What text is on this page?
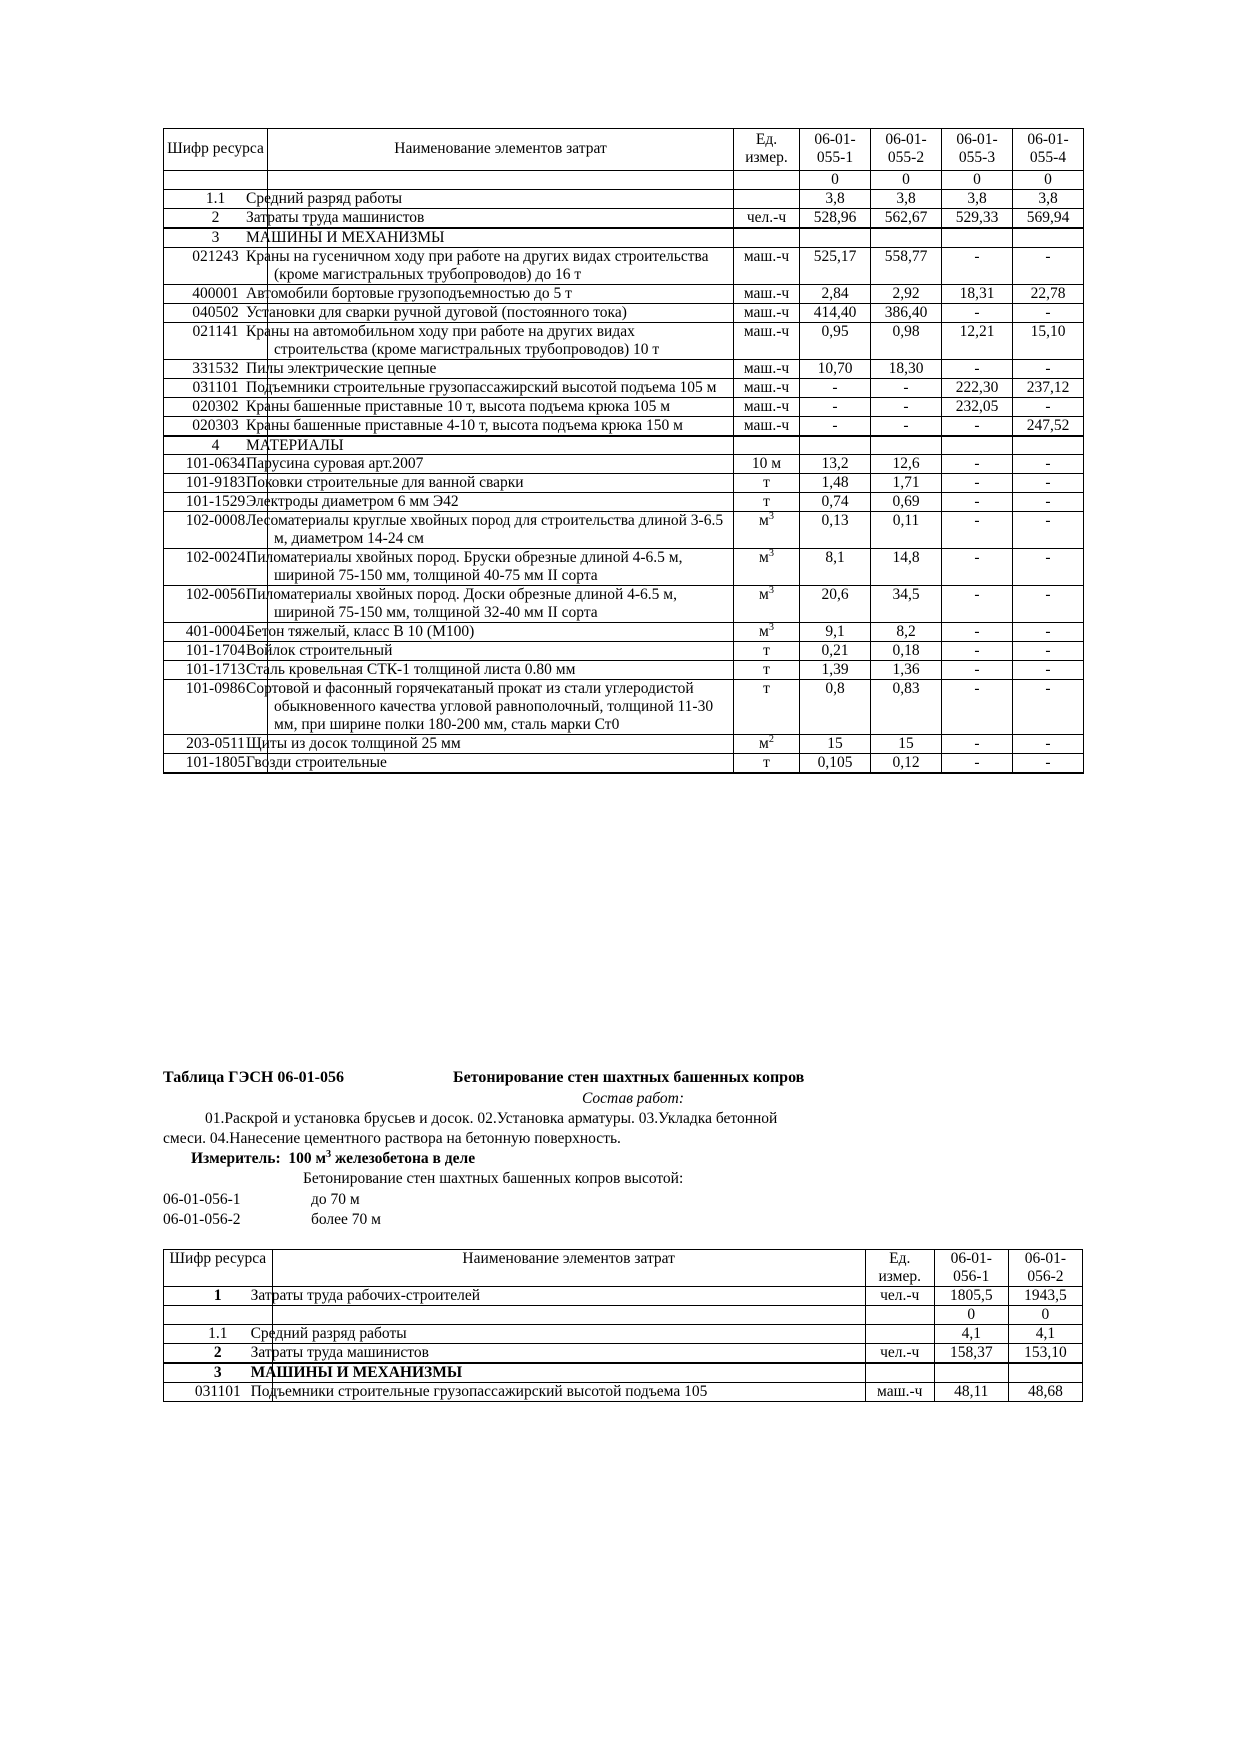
Шифр ресурса	Наименование элементов затрат	Ед. измер.	06-01-055-1	06-01-055-2	06-01-055-3	06-01-055-4
			0	0	0	0
1.1	Средний разряд работы		3,8	3,8	3,8	3,8
2	Затраты труда машинистов	чел.-ч	528,96	562,67	529,33	569,94
3	МАШИНЫ И МЕХАНИЗМЫ					
021243	Краны на гусеничном ходу при работе на других видах строительства (кроме магистральных трубопроводов) до 16 т	маш.-ч	525,17	558,77	-	-
400001	Автомобили бортовые грузоподъемностью до 5 т	маш.-ч	2,84	2,92	18,31	22,78
040502	Установки для сварки ручной дуговой (постоянного тока)	маш.-ч	414,40	386,40	-	-
021141	Краны на автомобильном ходу при работе на других видах строительства (кроме магистральных трубопроводов) 10 т	маш.-ч	0,95	0,98	12,21	15,10
331532	Пилы электрические цепные	маш.-ч	10,70	18,30	-	-
031101	Подъемники строительные грузопассажирский высотой подъема 105 м	маш.-ч	-	-	222,30	237,12
020302	Краны башенные приставные 10 т, высота подъема крюка 105 м	маш.-ч	-	-	232,05	-
020303	Краны башенные приставные 4-10 т, высота подъема крюка 150 м	маш.-ч	-	-	-	247,52
4	МАТЕРИАЛЫ					
101-0634	Парусина суровая арт.2007	10 м	13,2	12,6	-	-
101-9183	Поковки строительные для ванной сварки	т	1,48	1,71	-	-
101-1529	Электроды диаметром 6 мм Э42	т	0,74	0,69	-	-
102-0008	Лесоматериалы круглые хвойных пород для строительства длиной 3-6.5 м, диаметром 14-24 см	$м^3$	0,13	0,11	-	-
102-0024	Пиломатериалы хвойных пород. Бруски обрезные длиной 4-6.5 м, шириной 75-150 мм, толщиной 40-75 мм II сорта	$м^3$	8,1	14,8	-	-
102-0056	Пиломатериалы хвойных пород. Доски обрезные длиной 4-6.5 м, шириной 75-150 мм, толщиной 32-40 мм II сорта	$м^3$	20,6	34,5	-	-
401-0004	Бетон тяжелый, класс В 10 (М100)	$м^3$	9,1	8,2	-	-
101-1704	Войлок строительный	т	0,21	0,18	-	-
101-1713	Сталь кровельная СТК-1 толщиной листа 0.80 мм	т	1,39	1,36	-	-
101-0986	Сортовой и фасонный горячекатаный прокат из стали углеродистой обыкновенного качества угловой равнополочный, толщиной 11-30 мм, при ширине полки 180-200 мм, сталь марки Ст0	т	0,8	0,83	-	-
203-0511	Щиты из досок толщиной 25 мм	$м^2$	15	15	-	-
101-1805	Гвозди строительные	т	0,105	0,12	-	-
Таблица ГЭСН 06-01-056	Бетонирование стен шахтных башенных копров
Состав работ:
01.Раскрой и установка брусьев и досок. 02.Установка арматуры. 03.Укладка бетонной
смеси. 04.Нанесение цементного раствора на бетонную поверхность.
Измеритель: 100 $м^3$ железобетона в деле
Бетонирование стен шахтных башенных копров высотой:
06-01-056-1	до 70 м
06-01-056-2	более 70 м
Шифр ресурса	Наименование элементов затрат	Ед. измер.	06-01-056-1	06-01-056-2
1	Затраты труда рабочих-строителей	чел.-ч	1805,5	1943,5
			0	0
1.1	Средний разряд работы		4,1	4,1
2	Затраты труда машинистов	чел.-ч	158,37	153,10
3	МАШИНЫ И МЕХАНИЗМЫ			
031101	Подъемники строительные грузопассажирский высотой подъема 105	маш.-ч	48,11	48,68
